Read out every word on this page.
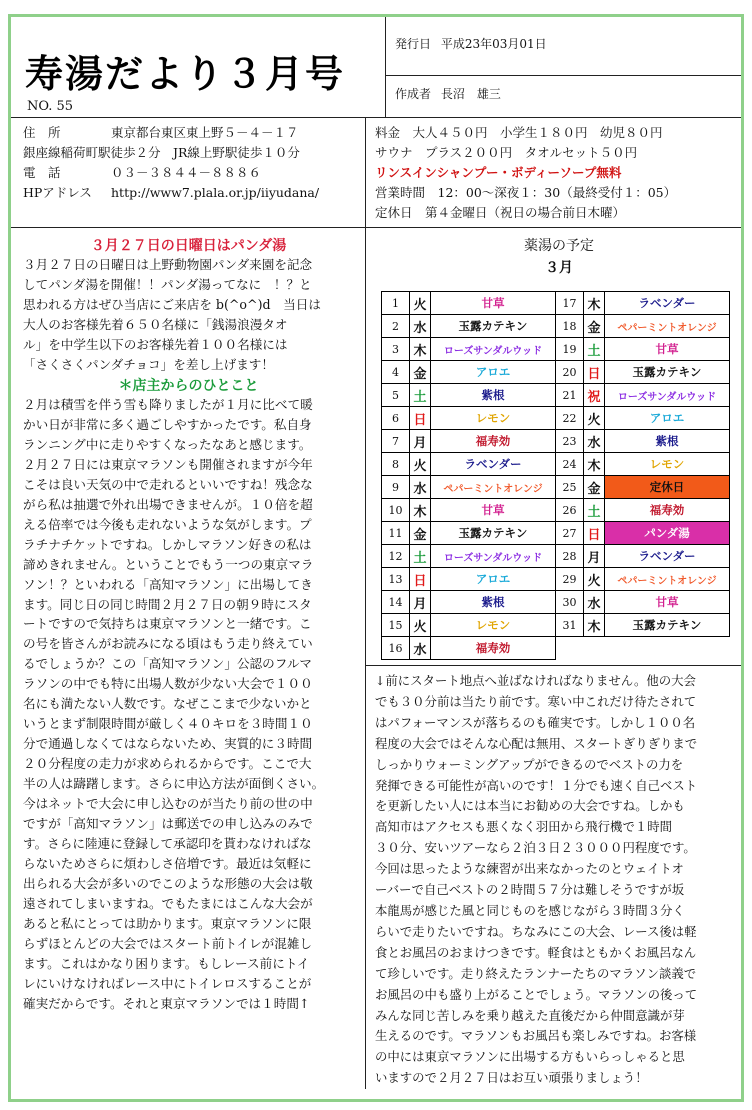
寿湯だより３月号
NO. 55
発行日 平成23年03月01日
作成者 長沼　雄三
住　所	東京都台東区東上野５－４－１７
銀座線稲荷町駅徒歩２分　JR線上野駅徒歩１０分
電　話	０３－３８４４－８８８６
HPアドレス	http://www7.plala.or.jp/iiyudana/
料金　大人４５０円　小学生１８０円　幼児８０円
サウナ　プラス２００円　タオルセット５０円
リンスインシャンプー・ボディーソープ無料
営業時間　12：00～深夜１：30（最終受付１：05）
定休日　第４金曜日（祝日の場合前日木曜）
３月２７日の日曜日はパンダ湯

３月２７日の日曜日は上野動物園パンダ来園を記念

してパンダ湯を開催！！パンダ湯ってなに　！？と

思われる方はぜひ当店にご来店を b(^o^)d　当日は

大人のお客様先着６５０名様に「銭湯浪漫タオ

ル」を中学生以下のお客様先着１００名様には

「さくさくパンダチョコ」を差し上げます！

＊店主からのひとこと

２月は積雪を伴う雪も降りましたが１月に比べて暖

かい日が非常に多く過ごしやすかったです。私自身

ランニング中に走りやすくなったなあと感じます。

２月２７日には東京マラソンも開催されますが今年

こそは良い天気の中で走れるといいですね！残念な

がら私は抽選で外れ出場できませんが。１０倍を超

える倍率では今後も走れないような気がします。プ

ラチナチケットですね。しかしマラソン好きの私は

諦めきれません。ということでもう一つの東京マラ

ソン！？といわれる「高知マラソン」に出場してき

ます。同じ日の同じ時間２月２７日の朝９時にスタ

ートですので気持ちは東京マラソンと一緒です。こ

の号を皆さんがお読みになる頃はもう走り終えてい

るでしょうか？この「高知マラソン」公認のフルマ

ラソンの中でも特に出場人数が少ない大会で１００

名にも満たない人数です。なぜここまで少ないかと

いうとまず制限時間が厳しく４０キロを３時間１０

分で通過しなくてはならないため、実質的に３時間

２０分程度の走力が求められるからです。ここで大

半の人は躊躇します。さらに申込方法が面倒くさい。

今はネットで大会に申し込むのが当たり前の世の中

ですが「高知マラソン」は郵送での申し込みのみで

す。さらに陸連に登録して承認印を貰わなければな

らないためさらに煩わしさ倍増です。最近は気軽に

出られる大会が多いのでこのような形態の大会は敬

遠されてしまいますね。でもたまにはこんな大会が

あると私にとっては助かります。東京マラソンに限

らずほとんどの大会ではスタート前トイレが混雑し

ます。これはかなり困ります。もしレース前にトイ

レにいけなければレース中にトイレロスすることが

確実だからです。それと東京マラソンでは１時間↑

薬湯の予定
３月
1	火	甘草	17	木	ラベンダー
2	水	玉露カテキン	18	金	ペパーミントオレンジ
3	木	ローズサンダルウッド	19	土	甘草
4	金	アロエ	20	日	玉露カテキン
5	土	紫根	21	祝	ローズサンダルウッド
6	日	レモン	22	火	アロエ
7	月	福寿効	23	水	紫根
8	火	ラベンダー	24	木	レモン
9	水	ペパーミントオレンジ	25	金	定休日
10	木	甘草	26	土	福寿効
11	金	玉露カテキン	27	日	パンダ湯
12	土	ローズサンダルウッド	28	月	ラベンダー
13	日	アロエ	29	火	ペパーミントオレンジ
14	月	紫根	30	水	甘草
15	火	レモン	31	木	玉露カテキン
16	水	福寿効			

↓前にスタート地点へ並ばなければなりません。他の大会

でも３０分前は当たり前です。寒い中これだけ待たされて

はパフォーマンスが落ちるのも確実です。しかし１００名

程度の大会ではそんな心配は無用、スタートぎりぎりまで

しっかりウォーミングアップができるのでベストの力を

発揮できる可能性が高いのです！１分でも速く自己ベスト

を更新したい人には本当にお勧めの大会ですね。しかも

高知市はアクセスも悪くなく羽田から飛行機で１時間

３０分、安いツアーなら２泊３日２３０００円程度です。

今回は思ったような練習が出来なかったのとウェイトオ

ーバーで自己ベストの２時間５７分は難しそうですが坂

本龍馬が感じた風と同じものを感じながら３時間３分く

らいで走りたいですね。ちなみにこの大会、レース後は軽

食とお風呂のおまけつきです。軽食はともかくお風呂なん

て珍しいです。走り終えたランナーたちのマラソン談義で

お風呂の中も盛り上がることでしょう。マラソンの後って

みんな同じ苦しみを乗り越えた直後だから仲間意識が芽

生えるのです。マラソンもお風呂も楽しみですね。お客様

の中には東京マラソンに出場する方もいらっしゃると思

いますので２月２７日はお互い頑張りましょう！
